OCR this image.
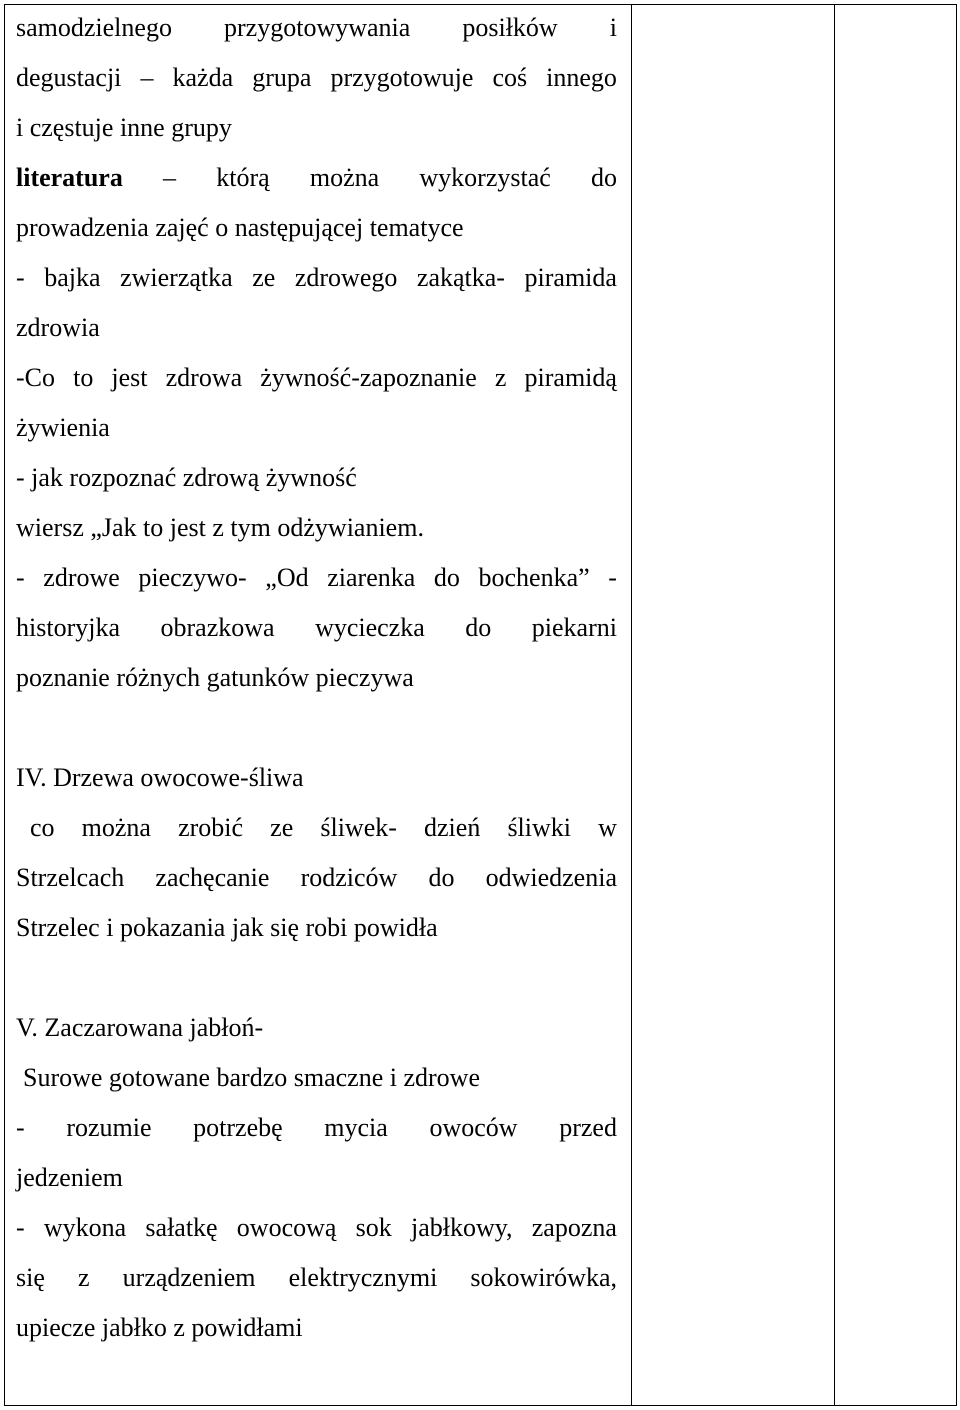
samodzielnego przygotowywania posiłków i
degustacji – każda grupa przygotowuje coś innego
i częstuje inne grupy
literatura – którą można wykorzystać do
prowadzenia zajęć o następującej tematyce
- bajka zwierzątka ze zdrowego zakątka- piramida
zdrowia
-Co to jest zdrowa żywność-zapoznanie z piramidą
żywienia
- jak rozpoznać zdrową żywność
wiersz „Jak to jest z tym odżywianiem.
- zdrowe pieczywo- „Od ziarenka do bochenka” -
historyjka obrazkowa wycieczka do piekarni
poznanie różnych gatunków pieczywa
IV. Drzewa owocowe-śliwa
co można zrobić ze śliwek- dzień śliwki w
Strzelcach zachęcanie rodziców do odwiedzenia
Strzelec i pokazania jak się robi powidła
V. Zaczarowana jabłoń-
Surowe gotowane bardzo smaczne i zdrowe
- rozumie potrzebę mycia owoców przed
jedzeniem
- wykona sałatkę owocową sok jabłkowy, zapozna
się z urządzeniem elektrycznymi sokowirówka,
upiecze jabłko z powidłami
